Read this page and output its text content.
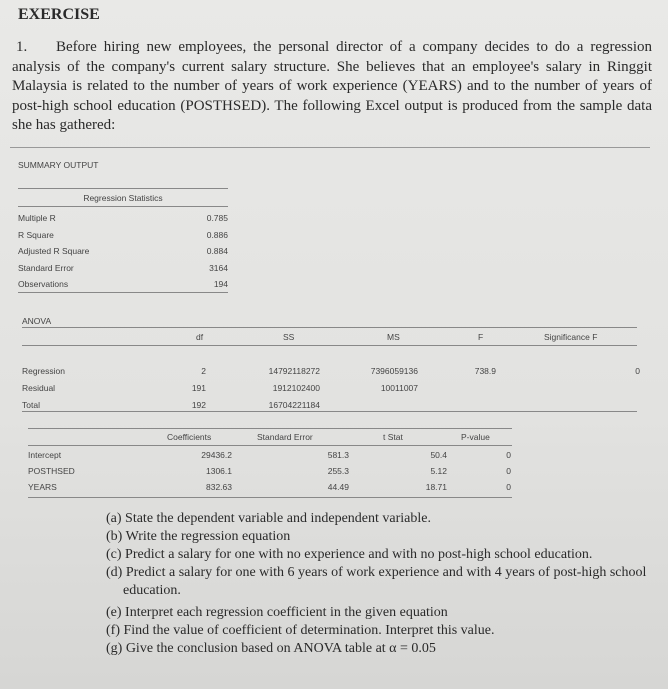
EXERCISE
1. Before hiring new employees, the personal director of a company decides to do a regression analysis of the company's current salary structure. She believes that an employee's salary in Ringgit Malaysia is related to the number of years of work experience (YEARS) and to the number of years of post-high school education (POSTHSED). The following Excel output is produced from the sample data she has gathered:
SUMMARY OUTPUT
Regression Statistics
Multiple R	0.785
R Square	0.886
Adjusted R Square	0.884
Standard Error	3164
Observations	194
ANOVA
df	SS	MS	F	Significance F
Regression	2	14792118272	7396059136	738.9	0
Residual	191	1912102400	10011007
Total	192	16704221184
Coefficients	Standard Error	t Stat	P-value
Intercept	29436.2	581.3	50.4	0
POSTHSED	1306.1	255.3	5.12	0
YEARS	832.63	44.49	18.71	0
(a) State the dependent variable and independent variable.
(b) Write the regression equation
(c) Predict a salary for one with no experience and with no post-high school education.
(d) Predict a salary for one with 6 years of work experience and with 4 years of post-high school education.
(e) Interpret each regression coefficient in the given equation
(f) Find the value of coefficient of determination. Interpret this value.
(g) Give the conclusion based on ANOVA table at α = 0.05
